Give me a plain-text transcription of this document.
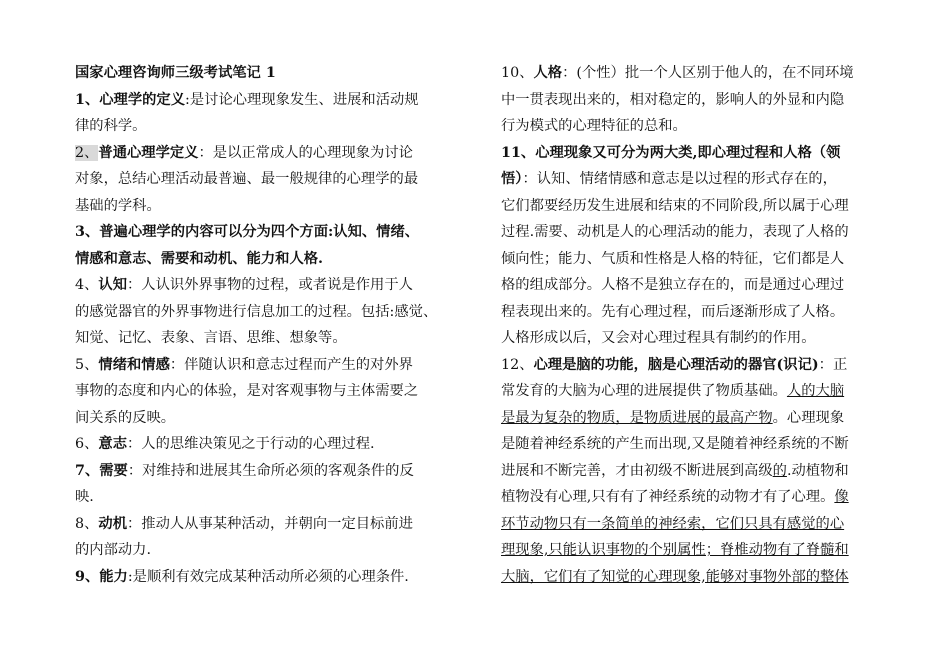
国家心理咨询师三级考试笔记 1

1、心理学的定义:是讨论心理现象发生、进展和活动规
律的科学。

2、普通心理学定义：是以正常成人的心理现象为讨论
对象，总结心理活动最普遍、最一般规律的心理学的最
基础的学科。

3、普遍心理学的内容可以分为四个方面:认知、情绪、
情感和意志、需要和动机、能力和人格.

4、认知：人认识外界事物的过程，或者说是作用于人
的感觉器官的外界事物进行信息加工的过程。包括:感觉、
知觉、记忆、表象、言语、思维、想象等。

5、情绪和情感：伴随认识和意志过程而产生的对外界
事物的态度和内心的体验，是对客观事物与主体需要之
间关系的反映。

6、意志：人的思维决策见之于行动的心理过程.

7、需要：对维持和进展其生命所必须的客观条件的反
映.

8、动机：推动人从事某种活动，并朝向一定目标前进
的内部动力.

9、能力:是顺利有效完成某种活动所必须的心理条件.

10、人格：(个性）批一个人区别于他人的，在不同环境
中一贯表现出来的，相对稳定的，影响人的外显和内隐
行为模式的心理特征的总和。

11、心理现象又可分为两大类,即心理过程和人格（领
悟）：认知、情绪情感和意志是以过程的形式存在的，
它们都要经历发生进展和结束的不同阶段,所以属于心理
过程.需要、动机是人的心理活动的能力，表现了人格的
倾向性；能力、气质和性格是人格的特征，它们都是人
格的组成部分。人格不是独立存在的，而是通过心理过
程表现出来的。先有心理过程，而后逐渐形成了人格。
人格形成以后，又会对心理过程具有制约的作用。

12、心理是脑的功能，脑是心理活动的器官(识记)：正
常发育的大脑为心理的进展提供了物质基础。人的大脑
是最为复杂的物质，是物质进展的最高产物。心理现象
是随着神经系统的产生而出现,又是随着神经系统的不断
进展和不断完善，才由初级不断进展到高级的.动植物和
植物没有心理,只有有了神经系统的动物才有了心理。像
环节动物只有一条简单的神经索，它们只具有感觉的心
理现象,只能认识事物的个别属性；脊椎动物有了脊髓和
大脑，它们有了知觉的心理现象,能够对事物外部的整体
